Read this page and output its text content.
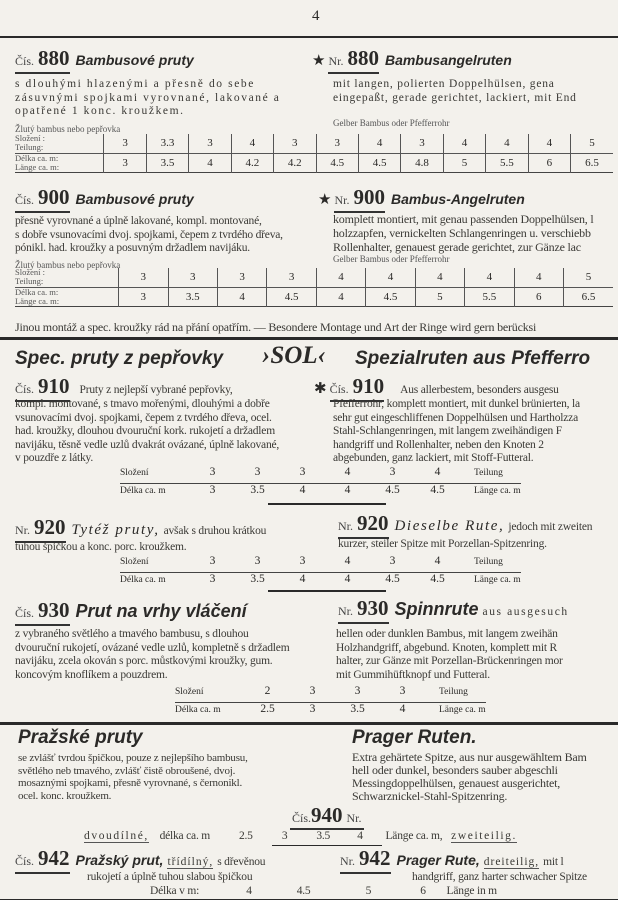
4
Čís. 880 Bambusové pruty	★ Nr. 880 Bambusangelruten
s dlouhými hlazenými a přesně do sebe
zásuvnými spojkami vyrovnané, lakované a
opatřené 1 konc. kroužkem.
mit langen, polierten Doppelhülsen, gena
eingepaßt, gerade gerichtet, lackiert, mit End
Žlutý bambus nebo pepřovka
Gelber Bambus oder Pfefferrohr
Složení :
Teilung:	3	3.3	3	4	3	3	4	3	4	4	4	5
Délka ca. m:
Länge ca. m:	3	3.5	4	4.2	4.2	4.5	4.5	4.8	5	5.5	6	6.5
Čís. 900 Bambusové pruty	★ Nr. 900 Bambus-Angelruten
přesně vyrovnané a úplně lakované, kompl. montované,
s dobře vsunovacími dvoj. spojkami, čepem z tvrdého dřeva,
pónikl. had. kroužky a posuvným držadlem navijáku.
komplett montiert, mit genau passenden Doppelhülsen, l
holzzapfen, vernickelten Schlangenringen u. verschiebb
Rollenhalter, genauest gerade gerichtet, zur Gänze lac
Žlutý bambus nebo pepřovka
Gelber Bambus oder Pfefferrohr
Složení :
Teilung:	3	3	3	3	4	4	4	4	4	5
Délka ca. m:
Länge ca. m:	3	3.5	4	4.5	4	4.5	5	5.5	6	6.5
Jinou montáž a spec. kroužky rád na přání opatřím. — Besondere Montage und Art der Ringe wird gern berücksi
Spec. pruty z pepřovky ›SOL‹ Spezialruten aus Pfefferro
Čís. 910 Pruty z nejlepší vybrané pepřovky,	✱ Čís. 910 Aus allerbestem, besonders ausgesu
kompl. montované, s tmavo mořenými, dlouhými a dobře
vsunovacími dvoj. spojkami, čepem z tvrdého dřeva, ocel.
had. kroužky, dlouhou dvouruční kork. rukojetí a držadlem
navijáku, těsně vedle uzlů dvakrát ovázané, úplně lakované,
v pouzdře z látky.
Pfefferrohr, komplett montiert, mit dunkel brünierten, la
sehr gut eingeschliffenen Doppelhülsen und Hartholzza
Stahl-Schlangenringen, mit langem zweihändigen F
handgriff und Rollenhalter, neben den Knoten 2
abgebunden, ganz lackiert, mit Stoff-Futteral.
Složení	3	3	3	4	3	4	Teilung
Délka ca. m	3	3.5	4	4	4.5	4.5	Länge ca. m
Nr. 920 Tytéž pruty, avšak s druhou krátkou
tuhou špičkou a konc. porc. kroužkem.
Nr. 920 Dieselbe Rute, jedoch mit zweiten
kurzer, steiler Spitze mit Porzellan-Spitzenring.
Složení	3	3	3	4	3	4	Teilung
Délka ca. m	3	3.5	4	4	4.5	4.5	Länge ca. m
Čís. 930 Prut na vrhy vláčení
z vybraného světlého a tmavého bambusu, s dlouhou
dvouruční rukojetí, ovázané vedle uzlů, kompletně s držadlem
navijáku, zcela okován s porc. můstkovými kroužky, gum.
koncovým knoflíkem a pouzdrem.
Nr. 930 Spinnrute aus ausgesuch
hellen oder dunklen Bambus, mit langem zweihän
Holzhandgriff, abgebund. Knoten, komplett mit R
halter, zur Gänze mit Porzellan-Brückenringen mor
mit Gummihüftknopf und Futteral.
Složení	2	3	3	3	Teilung
Délka ca. m	2.5	3	3.5	4	Länge ca. m
Pražské pruty
se zvlášť tvrdou špičkou, pouze z nejlepšího bambusu,
světlého neb tmavého, zvlášť čistě obroušené, dvoj.
mosaznými spojkami, přesně vyrovnané, s černonikl.
ocel. konc. kroužkem.
Prager Ruten.
Extra gehärtete Spitze, aus nur ausgewähltem Bam
hell oder dunkel, besonders sauber abgeschli
Messingdoppelhülsen, genauest ausgerichtet,
Schwarznickel-Stahl-Spitzenring.
Čís.940 Nr.
dvoudílné, délka ca. m	2.5	3	3.5 4 Länge ca. m, zweiteilig.
Čís. 942 Pražský prut, třídílný, s dřevěnou
rukojetí a úplně tuhou slabou špičkou
Nr. 942 Prager Rute, dreiteilig, mit l
handgriff, ganz harter schwacher Spitze
Délka v m:	4	4.5	5	6 Länge in m
